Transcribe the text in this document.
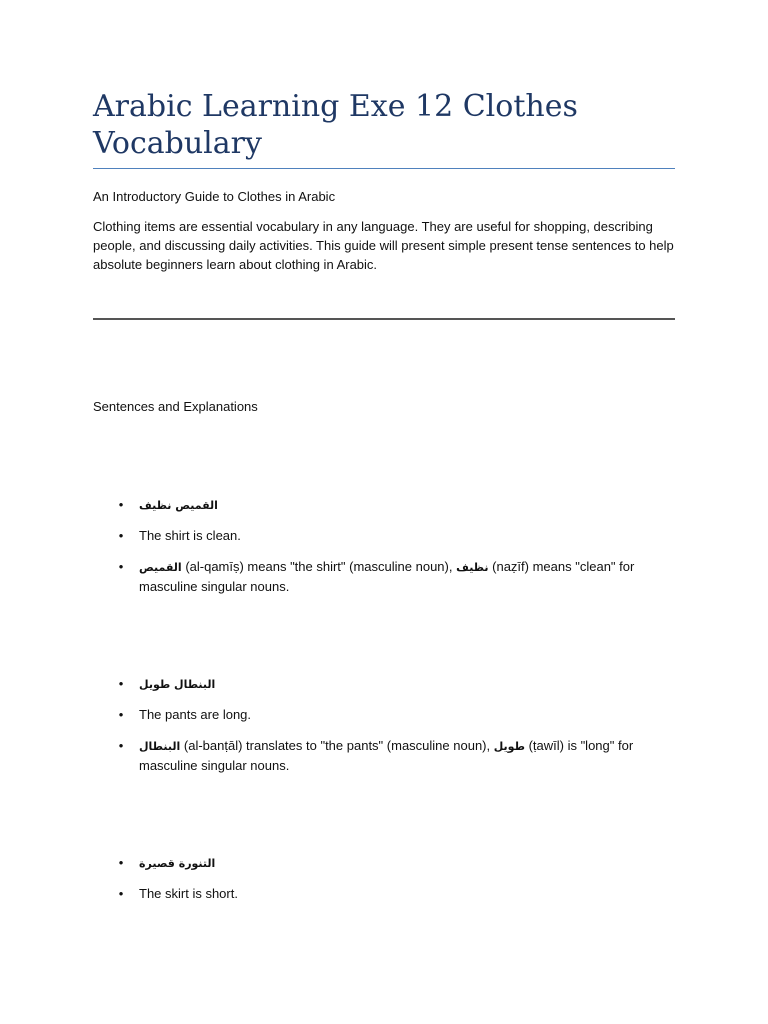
Arabic Learning Exe 12 Clothes Vocabulary

An Introductory Guide to Clothes in Arabic

Clothing items are essential vocabulary in any language. They are useful for shopping, describing people, and discussing daily activities. This guide will present simple present tense sentences to help absolute beginners learn about clothing in Arabic.

Sentences and Explanations

• القميص نظيف
• The shirt is clean.
• القميص (al-qamīṣ) means "the shirt" (masculine noun), نظيف (naẓīf) means "clean" for masculine singular nouns.
• البنطال طويل
• The pants are long.
• البنطال (al-banṭāl) translates to "the pants" (masculine noun), طويل (ṭawīl) is "long" for masculine singular nouns.
• التنورة قصيرة
• The skirt is short.
